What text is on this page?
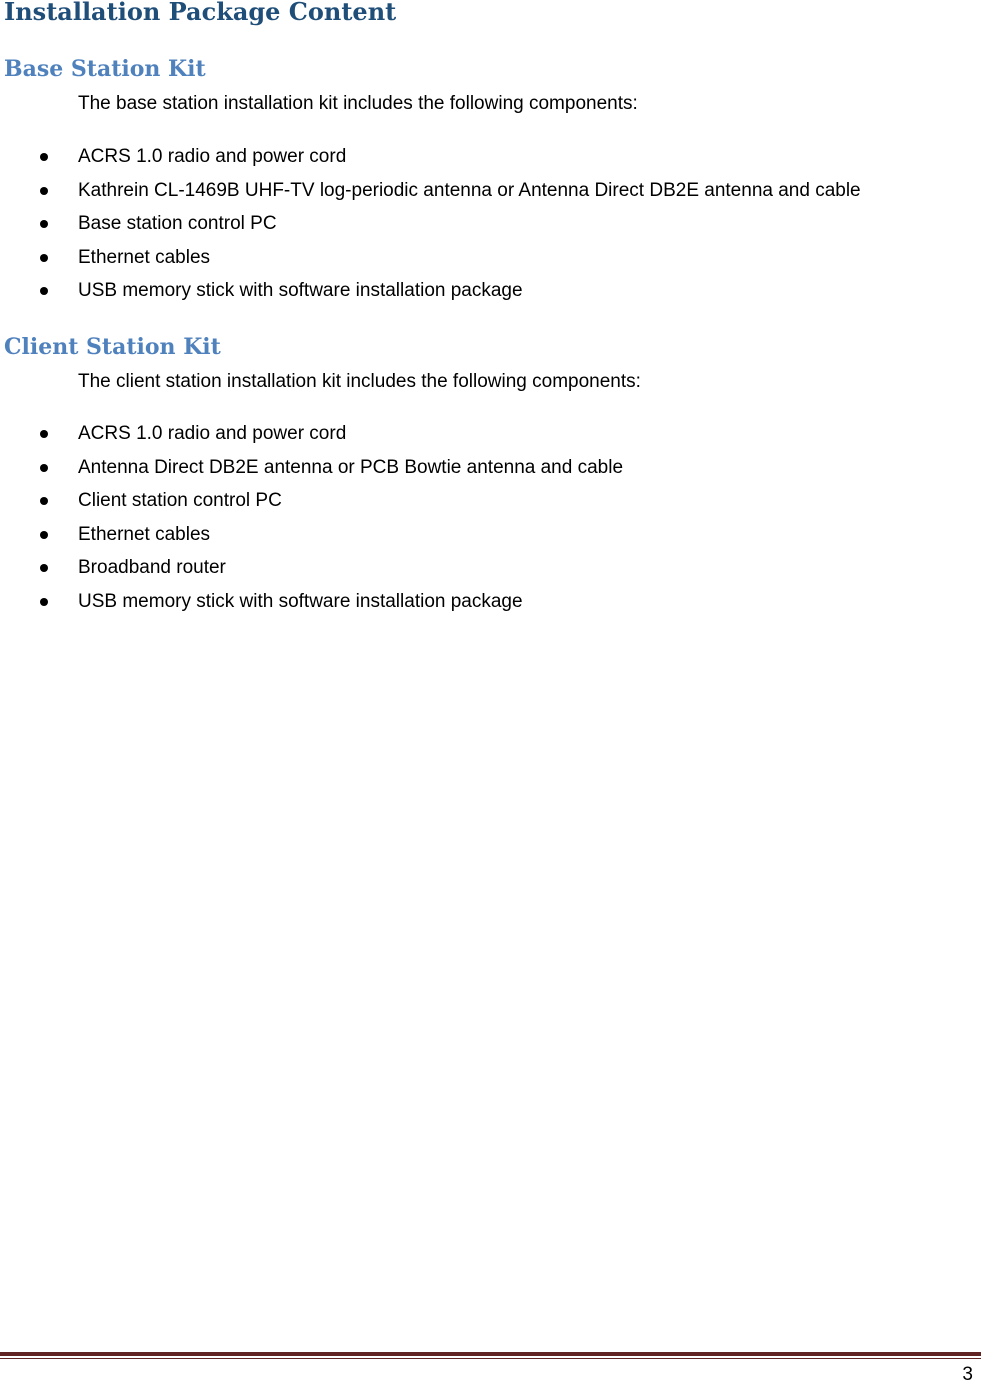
Installation Package Content
Base Station Kit

The base station installation kit includes the following components:

ACRS 1.0 radio and power cord
Kathrein CL-1469B UHF-TV log-periodic antenna or Antenna Direct DB2E antenna and cable
Base station control PC
Ethernet cables
USB memory stick with software installation package
Client Station Kit

The client station installation kit includes the following components:

ACRS 1.0 radio and power cord
Antenna Direct DB2E antenna or PCB Bowtie antenna and cable
Client station control PC
Ethernet cables
Broadband router
USB memory stick with software installation package
3
